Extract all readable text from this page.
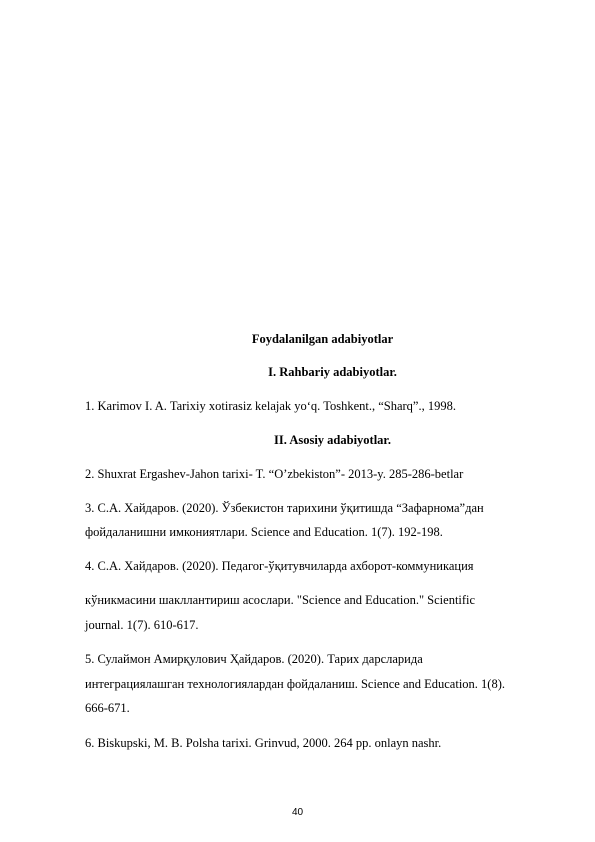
Foydalanilgan adabiyotlar
I. Rahbariy adabiyotlar.
1. Karimov I. A. Tarixiy xotirasiz kelajak yo‘q. Toshkent., “Sharq”., 1998.
II. Asosiy adabiyotlar.
2. Shuxrat Ergashev-Jahon tarixi- T. “O’zbekiston”- 2013-y. 285-286-betlar
3. С.А. Хайдаров. (2020). Ўзбекистон тарихини ўқитишда “Зафарнома”дан
фойдаланишни имкониятлари. Science and Education. 1(7). 192-198.
4. С.А. Хайдаров. (2020). Педагог-ўқитувчиларда ахборот-коммуникация
кўникмасини шакллантириш асослари. "Science and Education." Scientific
journal. 1(7). 610-617.
5. Сулаймон Амирқулович Ҳайдаров. (2020). Тарих дарсларида
интеграциялашган технологиялардан фойдаланиш. Science and Education. 1(8).
666-671.
6. Biskupski, M. B. Polsha tarixi. Grinvud, 2000. 264 pp. onlayn nashr.
40
